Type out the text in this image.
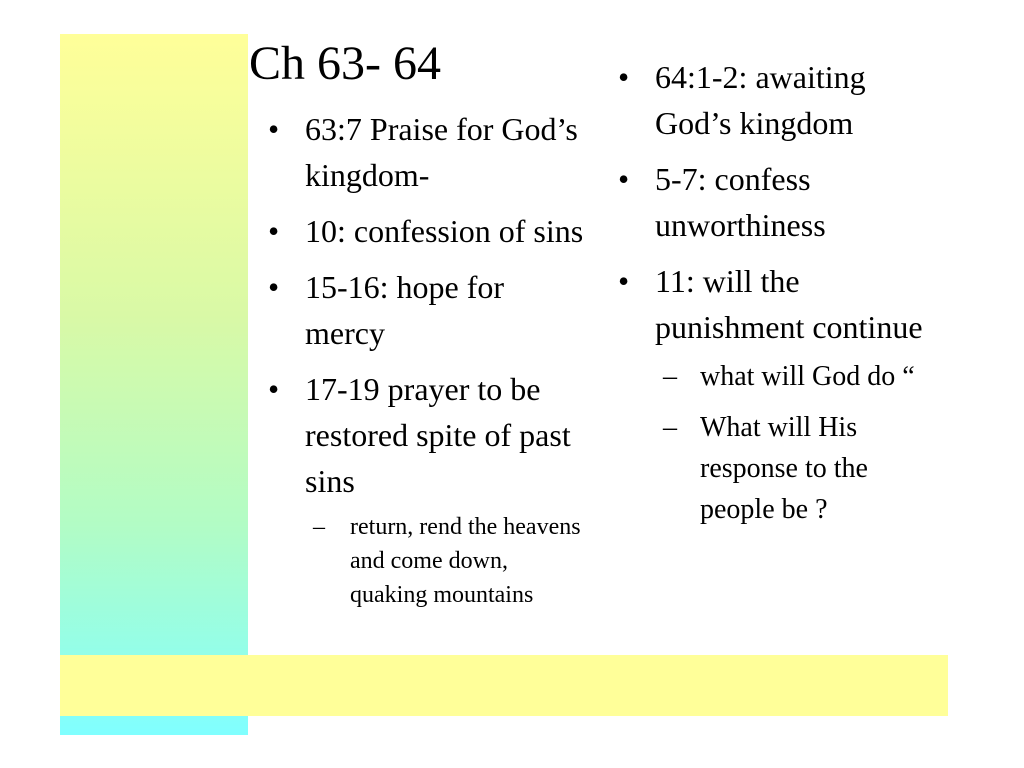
Ch 63- 64
• 63:7 Praise for God’s kingdom-
• 10: confession of sins
• 15-16: hope for mercy
• 17-19 prayer to be restored spite of past sins
– return, rend the heavens and come down, quaking mountains
• 64:1-2: awaiting God’s kingdom
• 5-7: confess unworthiness
• 11: will the punishment continue
– what will God do “
– What will His response to the people be ?
